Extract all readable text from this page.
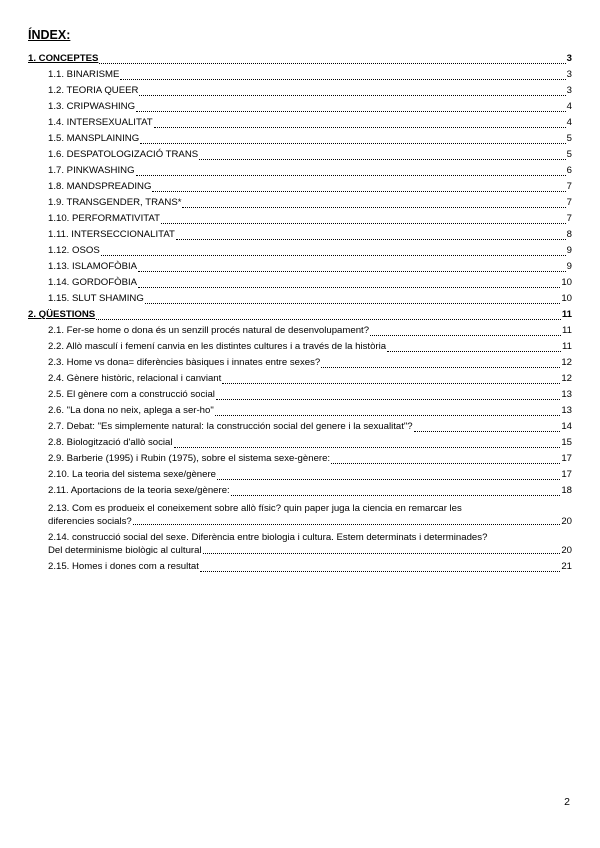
ÍNDEX:
1. CONCEPTES	3
1.1. BINARISME	3
1.2. TEORIA QUEER	3
1.3. CRIPWASHING	4
1.4. INTERSEXUALITAT	4
1.5. MANSPLAINING	5
1.6. DESPATOLOGIZACIÓ TRANS	5
1.7. PINKWASHING	6
1.8. MANDSPREADING	7
1.9. TRANSGENDER, TRANS*	7
1.10. PERFORMATIVITAT	7
1.11. INTERSECCIONALITAT	8
1.12. OSOS	9
1.13. ISLAMOFÒBIA	9
1.14. GORDOFÒBIA	10
1.15. SLUT SHAMING	10
2. QÜESTIONS	11
2.1. Fer-se home o dona és un senzill procés natural de desenvolupament?	11
2.2. Allò masculí i femení canvia en les distintes cultures i a través de la història	11
2.3. Home vs dona= diferències bàsiques i innates entre sexes?	12
2.4. Gènere històric, relacional i canviant	12
2.5. El gènere com a construcció social	13
2.6. "La dona no neix, aplega a ser-ho"	13
2.7. Debat: "Es simplemente natural: la construcción social del genere i la sexualitat"?	14
2.8. Biologització d'allò social	15
2.9. Barberie (1995) i Rubin (1975), sobre el sistema sexe-gènere:	17
2.10. La teoria del sistema sexe/gènere	17
2.11. Aportacions de la teoria sexe/gènere:	18
2.13. Com es produeix el coneixement sobre allò físic? quin paper juga la ciencia en remarcar les
diferencies socials?	20
2.14. construcció social del sexe. Diferència entre biologia i cultura. Estem determinats i determinades?
Del determinisme biològic al cultural	20
2.15. Homes i dones com a resultat	21
2
